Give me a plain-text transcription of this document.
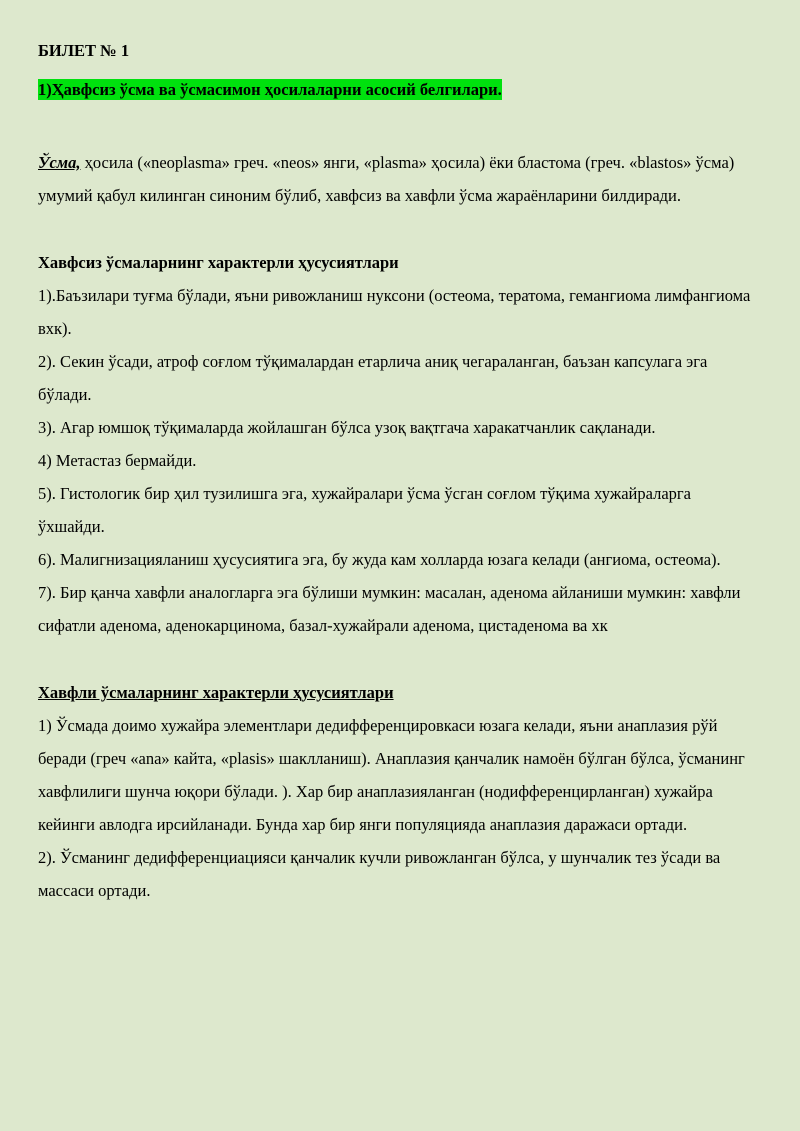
БИЛЕТ № 1

1)Ҳавфсиз ўсма ва ўсмасимон ҳосилаларни асосий белгилари.

Ўсма, ҳосила («neoplasma» греч. «neos» янги, «plasma» ҳосила) ёки бластома (греч. «blastos» ўсма) умумий қабул килинган синоним бўлиб, хавфсиз ва хавфли ўсма жараёнларини билдиради.

Хавфсиз ўсмаларнинг характерли ҳусусиятлари

1).Баъзилари туғма бўлади, яъни ривожланиш нуксони (остеома, тератома, гемангиома лимфангиома вхк).

2). Секин ўсади, атроф соғлом тўқималардан етарлича аниқ чегараланган, баъзан капсулага эга бўлади.

3). Агар юмшоқ тўқималарда жойлашган бўлса узоқ вақтгача харакатчанлик сақланади.

4) Метастаз бермайди.

5). Гистологик бир ҳил тузилишга эга, хужайралари ўсма ўсган соғлом тўқима хужайраларга ўхшайди.

6). Малигнизацияланиш ҳусусиятига эга, бу жуда кам холларда юзага келади (ангиома, остеома).

7). Бир қанча хавфли аналогларга эга бўлиши мумкин: масалан, аденома айланиши мумкин: хавфли сифатли аденома, аденокарцинома, базал-хужайрали аденома, цистаденома ва хк

Хавфли ўсмаларнинг характерли ҳусусиятлари

1) Ўсмада доимо хужайра элементлари дедифференцировкаси юзага келади, яъни анаплазия рўй беради (греч «ana» кайта, «plasis» шаклланиш). Анаплазия қанчалик намоён бўлган бўлса, ўсманинг хавфлилиги шунча юқори бўлади. ). Хар бир анаплазияланган (нодифференцирланган) хужайра кейинги авлодга ирсийланади. Бунда хар бир янги популяцияда анаплазия даражаси ортади.

2). Ўсманинг дедифференциацияси қанчалик кучли ривожланган бўлса, у шунчалик тез ўсади ва массаси ортади.
